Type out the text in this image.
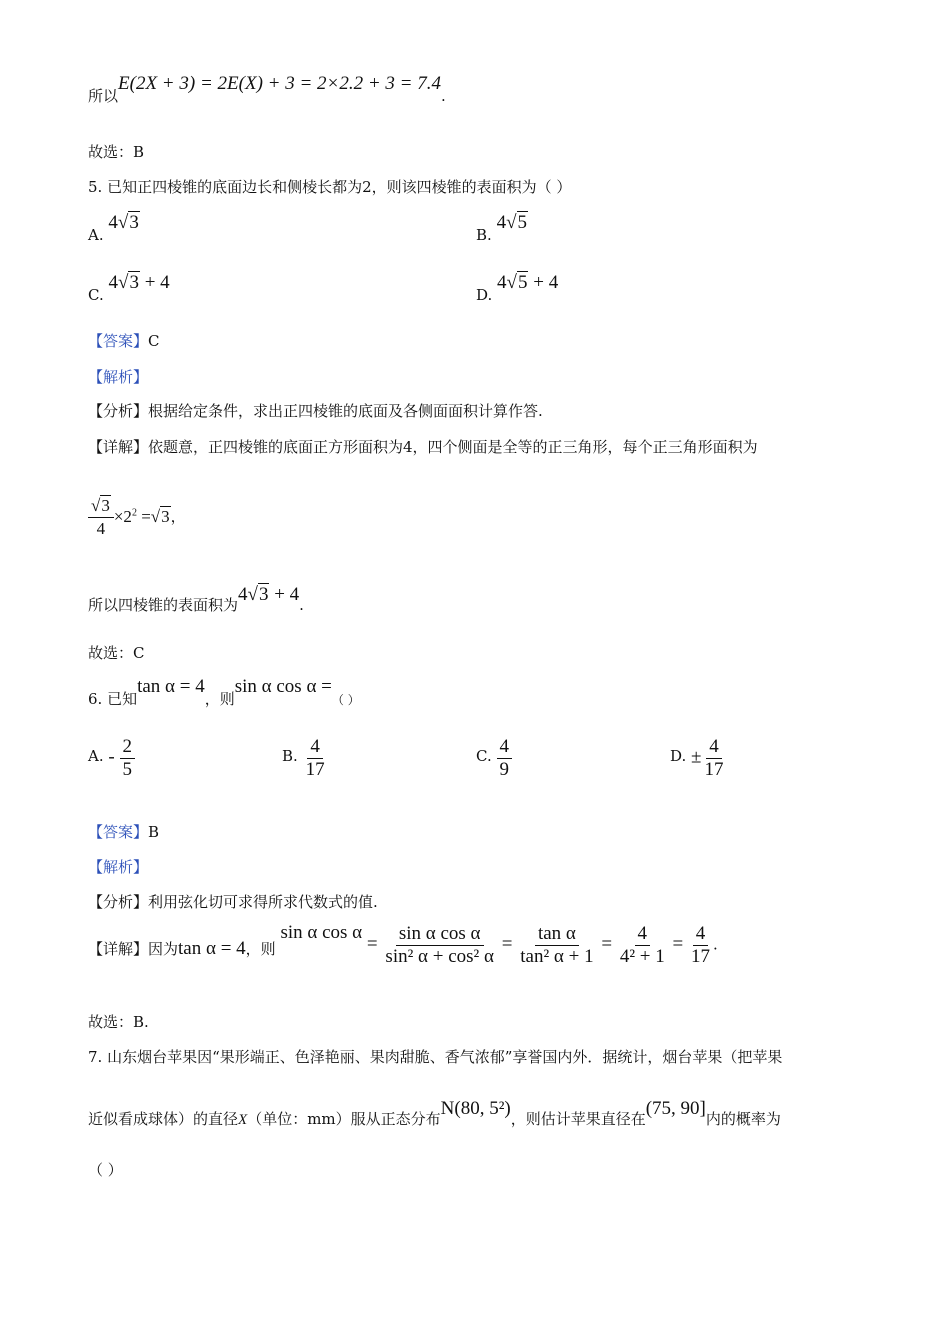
所以E(2X + 3) = 2E(X) + 3 = 2×2.2 + 3 = 7.4.
故选：B
5. 已知正四棱锥的底面边长和侧棱长都为2，则该四棱锥的表面积为（ ）
A. 4√3
B. 4√5
C. 4√3 + 4
D. 4√5 + 4
【答案】C
【解析】
【分析】根据给定条件，求出正四棱锥的底面及各侧面面积计算作答.
【详解】依题意，正四棱锥的底面正方形面积为4，四个侧面是全等的正三角形，每个正三角形面积为
$\frac{√3}{4} \times 2^2 =√3$，
所以四棱锥的表面积为4√3 + 4.
故选：C
6. 已知tan α = 4，则sin α cos α =（ ）
A. - $\frac{2}{5}$	B. $\frac{4}{17}$	C. $\frac{4}{9}$	D. ± $\frac{4}{17}$
【答案】B
【解析】
【分析】利用弦化切可求得所求代数式的值.
【详解】因为tan α = 4，则 sin α $\cos \alpha = \frac{\text{sin α cos α}}{\text{sin² α + cos² α}} = \frac{\text{tan α}}{\text{tan² α + 1}} = \frac{4}{\text{4² + 1}} = \frac{4}{17}$ .
故选：B.
7. 山东烟台苹果因“果形端正、色泽艳丽、果肉甜脆、香气浓郁”享誉国内外．据统计，烟台苹果（把苹果
近似看成球体）的直径X（单位：mm）服从正态分布N(80, 5²)，则估计苹果直径在(75, 90]内的概率为
（ ）
